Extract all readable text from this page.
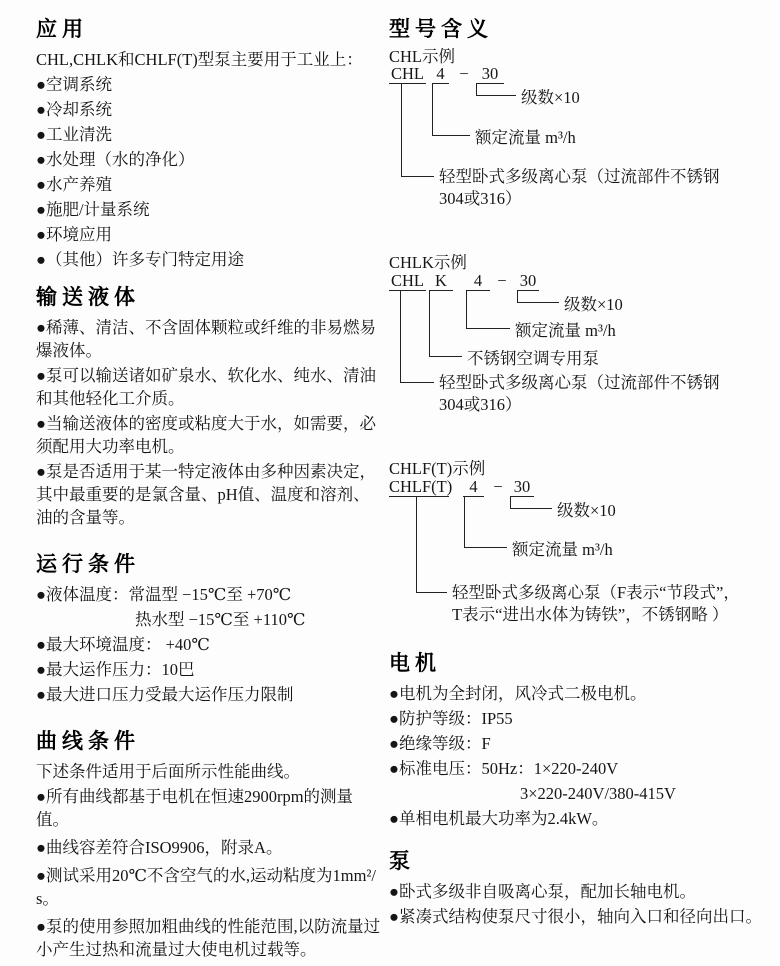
应用
CHL,CHLK和CHLF(T)型泵主要用于工业上：
●空调系统
●冷却系统
●工业清洗
●水处理（水的净化）
●水产养殖
●施肥/计量系统
●环境应用
●（其他）许多专门特定用途
输送液体
●稀薄、清洁、不含固体颗粒或纤维的非易燃易爆液体。
●泵可以输送诸如矿泉水、软化水、纯水、清油和其他轻化工介质。
●当输送液体的密度或粘度大于水，如需要，必须配用大功率电机。
●泵是否适用于某一特定液体由多种因素决定，其中最重要的是氯含量、pH值、温度和溶剂、油的含量等。
运行条件
●液体温度：常温型 −15℃至 +70℃
热水型 −15℃至 +110℃
●最大环境温度： +40℃
●最大运作压力：10巴
●最大进口压力受最大运作压力限制
曲线条件
下述条件适用于后面所示性能曲线。
●所有曲线都基于电机在恒速2900rpm的测量值。
●曲线容差符合ISO9906，附录A。
●测试采用20℃不含空气的水,运动粘度为1mm²/s。
●泵的使用参照加粗曲线的性能范围,以防流量过小产生过热和流量过大使电机过载等。
型号含义
CHL示例
CHL 4 − 30
级数×10
额定流量 m³/h
轻型卧式多级离心泵（过流部件不锈钢
304或316）
CHLK示例
CHL K	4 − 30
级数×10
额定流量 m³/h
不锈钢空调专用泵
轻型卧式多级离心泵（过流部件不锈钢
304或316）
CHLF(T)示例
CHLF(T)	4 − 30
级数×10
额定流量 m³/h
轻型卧式多级离心泵（F表示“节段式”，
T表示“进出水体为铸铁”，不锈钢略 ）
电机
●电机为全封闭，风冷式二极电机。
●防护等级：IP55
●绝缘等级：F
●标准电压：50Hz：1×220-240V
3×220-240V/380-415V
●单相电机最大功率为2.4kW。
泵
●卧式多级非自吸离心泵，配加长轴电机。
●紧凑式结构使泵尺寸很小，轴向入口和径向出口。
